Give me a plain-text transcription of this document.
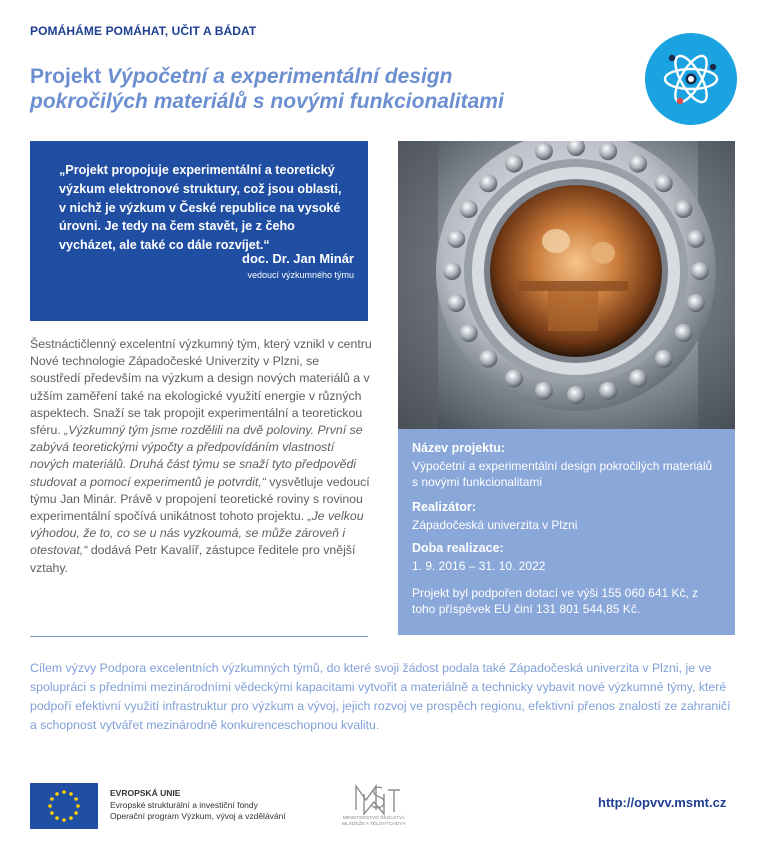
POMÁHÁME POMÁHAT, UČIT A BÁDAT
Projekt Výpočetní a experimentální design
pokročilých materiálů s novými funkcionalitami

„Projekt propojuje experimentální a teoretický výzkum elektronové struktury, což jsou oblasti, v nichž je výzkum v České republice na vysoké úrovni. Je tedy na čem stavět, je z čeho vycházet, ale také co dále rozvíjet.“

doc. Dr. Jan Minár
vedoucí výzkumného týmu
Název projektu:
Výpočetní a experimentální design pokročilých materiálů s novými funkcionalitami
Realizátor:
Západočeská univerzita v Plzni
Doba realizace:
1. 9. 2016 – 31. 10. 2022
Projekt byl podpořen dotací ve výši 155 060 641 Kč, z toho příspěvek EU činí 131 801 544,85 Kč.

Šestnáctičlenný excelentní výzkumný tým, který vznikl v centru Nové technologie Západočeské Univerzity v Plzni, se soustředí především na výzkum a design nových materiálů a v užším zaměření také na ekologické využití energie v různých aspektech. Snaží se tak propojit experimentální a teoretickou sféru. „Výzkumný tým jsme rozdělili na dvě poloviny. První se zabývá teoretickými výpočty a předpovídáním vlastností nových materiálů. Druhá část týmu se snaží tyto předpovědi studovat a pomocí experimentů je potvrdit,“ vysvětluje vedoucí týmu Jan Minár. Právě v propojení teoretické roviny s rovinou experimentální spočívá unikátnost tohoto projektu. „Je velkou výhodou, že to, co se u nás vyzkoumá, se může zároveň i otestovat,“ dodává Petr Kavalíř, zástupce ředitele pro vnější vztahy.

Cílem výzvy Podpora excelentních výzkumných týmů, do které svoji žádost podala také Západočeská univerzita v Plzni, je ve spolupráci s předními mezinárodními vědeckými kapacitami vytvořit a materiálně a technicky vybavit nové výzkumné týmy, které podpoří efektivní využití infrastruktur pro výzkum a vývoj, jejich rozvoj ve prospěch regionu, efektivní přenos znalostí ze zahraničí a schopnost vytvářet mezinárodně konkurenceschopnou kvalitu.

EVROPSKÁ UNIE
Evropské strukturální a investiční fondy
Operační program Výzkum, vývoj a vzdělávání	MINISTERSTVO ŠKOLSTVÍ,
MLÁDEŽE A TĚLOVÝCHOVY
http://opvvv.msmt.cz
